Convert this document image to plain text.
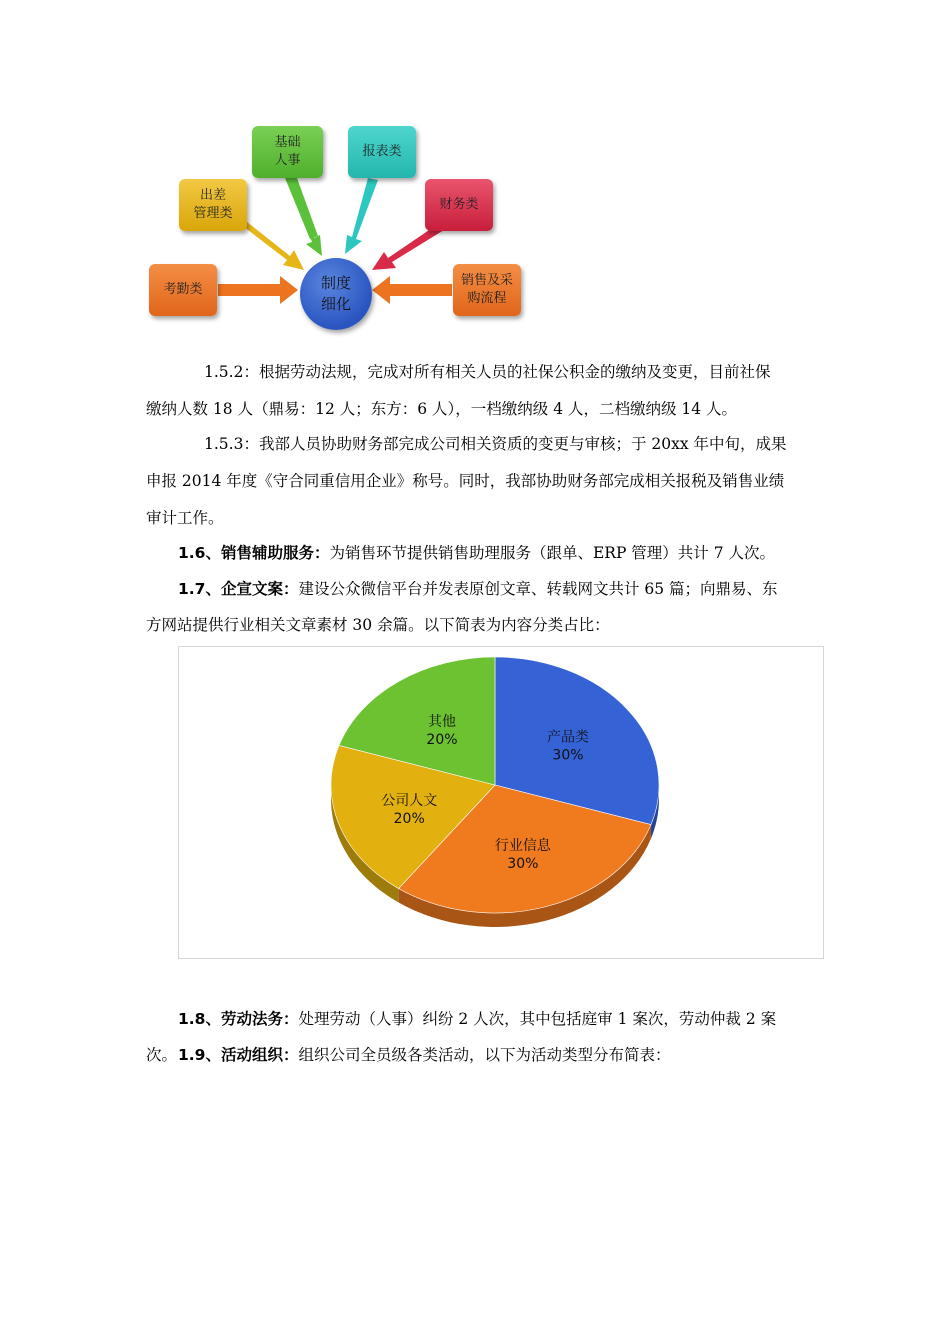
基础
人事
报表类
出差
管理类
财务类
考勤类
销售及采
购流程
制度
细化
1.5.2：根据劳动法规，完成对所有相关人员的社保公积金的缴纳及变更，目前社保
缴纳人数 18 人（鼎易：12 人；东方：6 人），一档缴纳级 4 人，二档缴纳级 14 人。
1.5.3：我部人员协助财务部完成公司相关资质的变更与审核；于 20xx 年中旬，成果
申报 2014 年度《守合同重信用企业》称号。同时，我部协助财务部完成相关报税及销售业绩
审计工作。
1.6、销售辅助服务：为销售环节提供销售助理服务（跟单、ERP 管理）共计 7 人次。
1.7、企宣文案：建设公众微信平台并发表原创文章、转载网文共计 65 篇；向鼎易、东
方网站提供行业相关文章素材 30 余篇。以下简表为内容分类占比：
产品类
30%
行业信息
30%
公司人文
20%
其他
20%
1.8、劳动法务：处理劳动（人事）纠纷 2 人次，其中包括庭审 1 案次，劳动仲裁 2 案次。 1.9、活动组织：组织公司全员级各类活动，以下为活动类型分布简表：
